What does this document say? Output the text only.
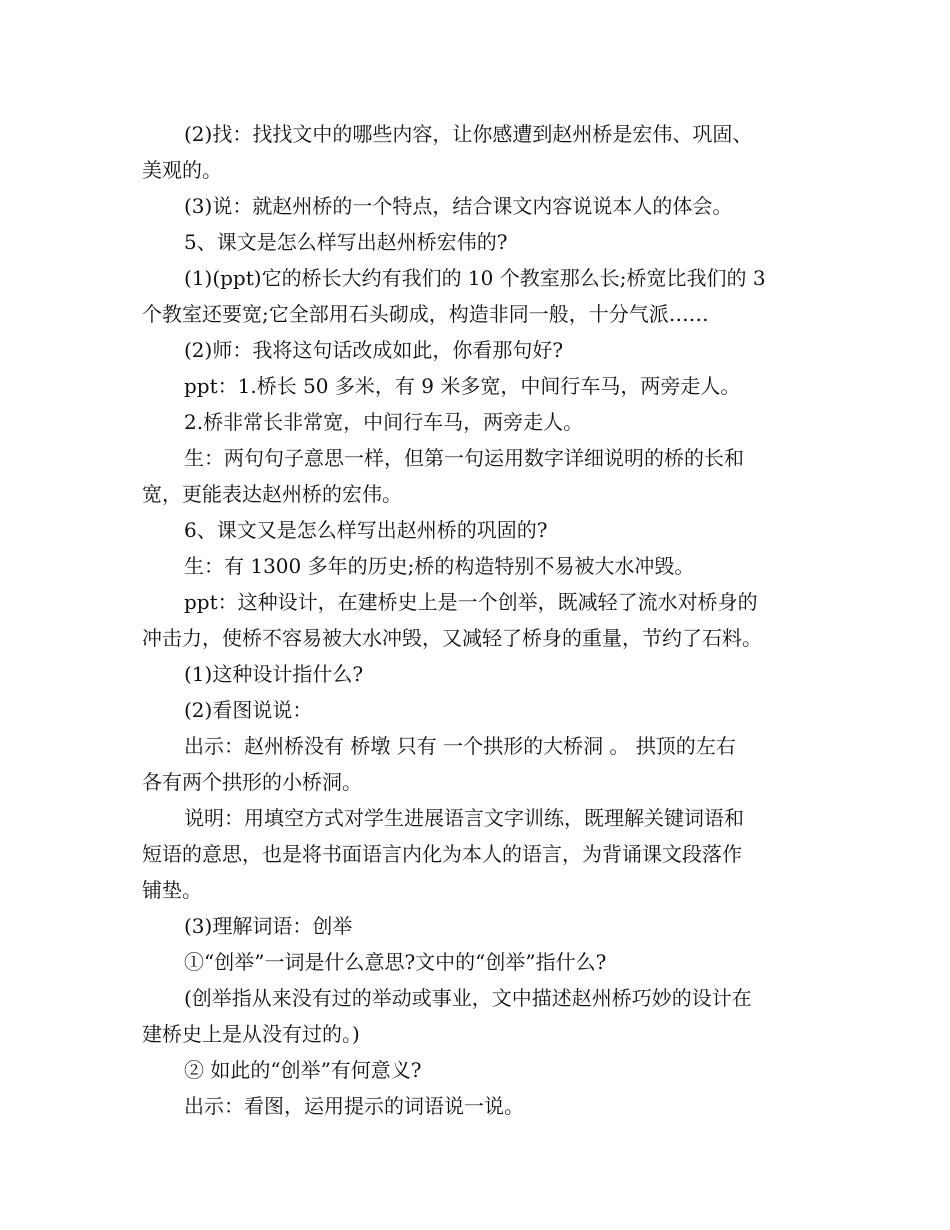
(2)找：找找文中的哪些内容，让你感遭到赵州桥是宏伟、巩固、
美观的。

(3)说：就赵州桥的一个特点，结合课文内容说说本人的体会。

5、课文是怎么样写出赵州桥宏伟的?

(1)(ppt)它的桥长大约有我们的 10 个教室那么长;桥宽比我们的 3
个教室还要宽;它全部用石头砌成，构造非同一般，十分气派……

(2)师：我将这句话改成如此，你看那句好?

ppt：1.桥长 50 多米，有 9 米多宽，中间行车马，两旁走人。

2.桥非常长非常宽，中间行车马，两旁走人。

生：两句句子意思一样，但第一句运用数字详细说明的桥的长和
宽，更能表达赵州桥的宏伟。

6、课文又是怎么样写出赵州桥的巩固的?

生：有 1300 多年的历史;桥的构造特别不易被大水冲毁。

ppt：这种设计，在建桥史上是一个创举，既减轻了流水对桥身的
冲击力，使桥不容易被大水冲毁，又减轻了桥身的重量，节约了石料。

(1)这种设计指什么?

(2)看图说说：

出示：赵州桥没有 桥墩 只有 一个拱形的大桥洞 。 拱顶的左右
各有两个拱形的小桥洞。

说明：用填空方式对学生进展语言文字训练，既理解关键词语和
短语的意思，也是将书面语言内化为本人的语言，为背诵课文段落作
铺垫。

(3)理解词语：创举

①“创举”一词是什么意思?文中的“创举”指什么?

(创举指从来没有过的举动或事业，文中描述赵州桥巧妙的设计在
建桥史上是从没有过的。)

② 如此的“创举”有何意义?

出示：看图，运用提示的词语说一说。
